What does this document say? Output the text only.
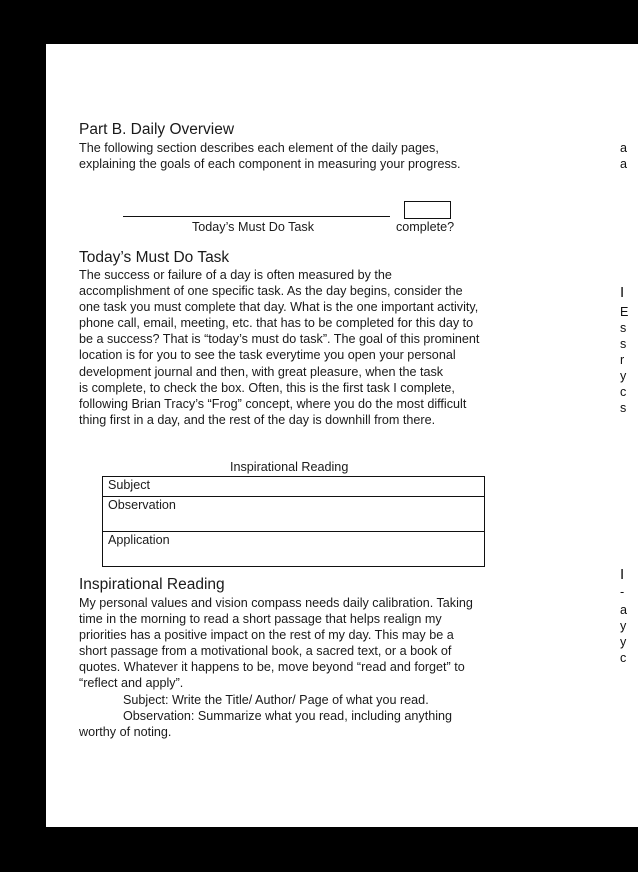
Part B. Daily Overview
The following section describes each element of the daily pages,
explaining the goals of each component in measuring your progress.
Today’s Must Do Task	complete?
Today’s Must Do Task
The success or failure of a day is often measured by the
accomplishment of one specific task. As the day begins, consider the
one task you must complete that day. What is the one important activity,
phone call, email, meeting, etc. that has to be completed for this day to
be a success? That is “today’s must do task”. The goal of this prominent
location is for you to see the task everytime you open your personal
development journal and then, with great pleasure, when the task
is complete, to check the box. Often, this is the first task I complete,
following Brian Tracy’s “Frog” concept, where you do the most difficult
thing first in a day, and the rest of the day is downhill from there.
Inspirational Reading
Subject
Observation
Application
Inspirational Reading
My personal values and vision compass needs daily calibration. Taking
time in the morning to read a short passage that helps realign my
priorities has a positive impact on the rest of my day. This may be a
short passage from a motivational book, a sacred text, or a book of
quotes. Whatever it happens to be, move beyond “read and forget” to
“reflect and apply”.
Subject: Write the Title/ Author/ Page of what you read.
Observation: Summarize what you read, including anything
worthy of noting.
a
a
I
E
s
s
r
y
c
s
I
-
a
y
y
c
